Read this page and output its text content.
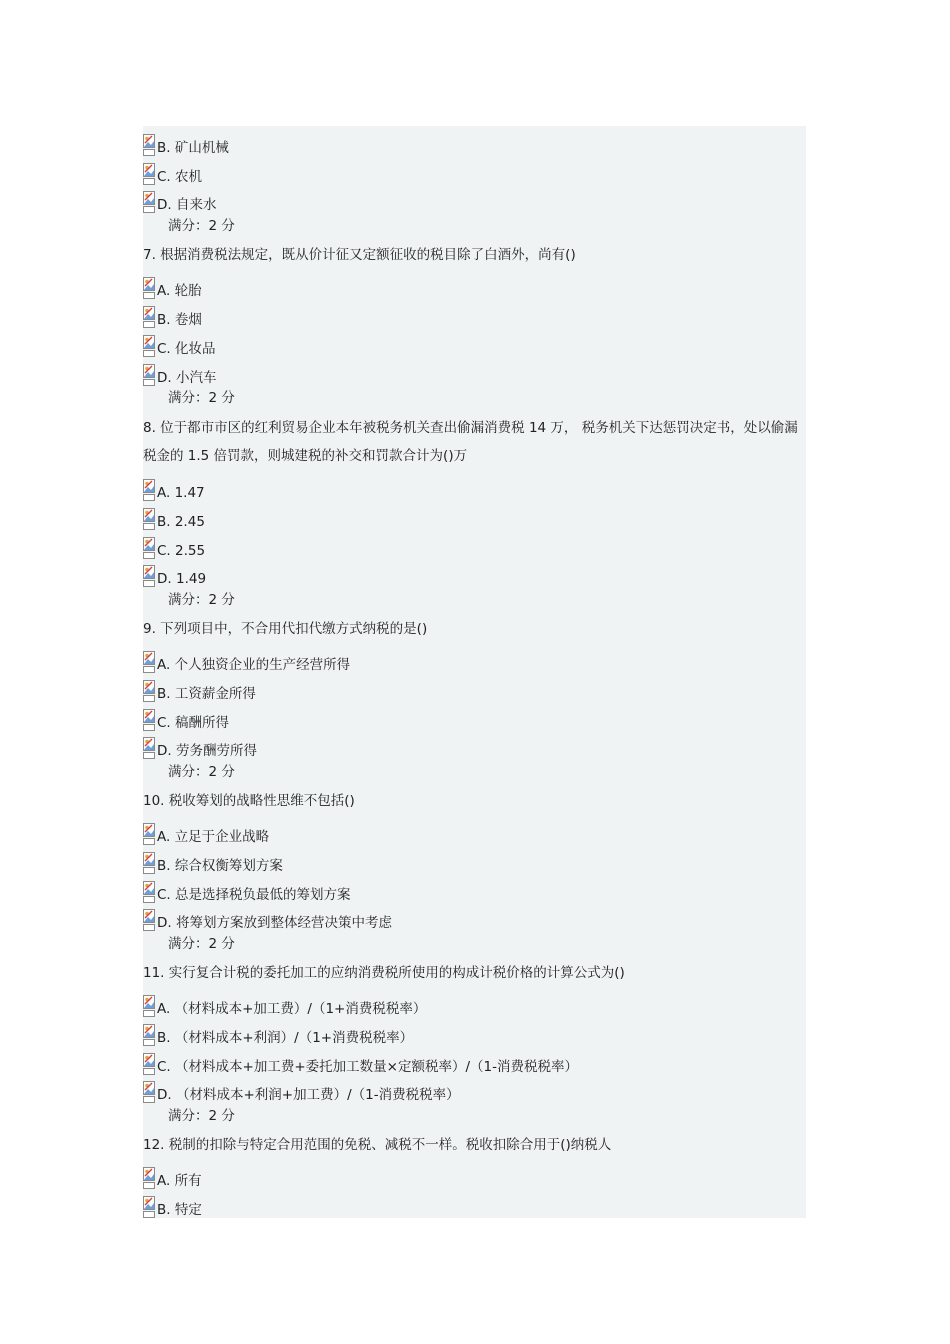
B. 矿山机械
C. 农机
D. 自来水
满分：2 分
7. 根据消费税法规定，既从价计征又定额征收的税目除了白酒外，尚有()
A. 轮胎
B. 卷烟
C. 化妆品
D. 小汽车
满分：2 分
8. 位于都市市区的红利贸易企业本年被税务机关查出偷漏消费税 14 万， 税务机关下达惩罚决定书，处以偷漏税金的 1.5 倍罚款，则城建税的补交和罚款合计为()万
A. 1.47
B. 2.45
C. 2.55
D. 1.49
满分：2 分
9. 下列项目中，不合用代扣代缴方式纳税的是()
A. 个人独资企业的生产经营所得
B. 工资薪金所得
C. 稿酬所得
D. 劳务酬劳所得
满分：2 分
10. 税收筹划的战略性思维不包括()
A. 立足于企业战略
B. 综合权衡筹划方案
C. 总是选择税负最低的筹划方案
D. 将筹划方案放到整体经营决策中考虑
满分：2 分
11. 实行复合计税的委托加工的应纳消费税所使用的构成计税价格的计算公式为()
A. （材料成本+加工费）/（1+消费税税率）
B. （材料成本+利润）/（1+消费税税率）
C. （材料成本+加工费+委托加工数量×定额税率）/（1-消费税税率）
D. （材料成本+利润+加工费）/（1-消费税税率）
满分：2 分
12. 税制的扣除与特定合用范围的免税、减税不一样。税收扣除合用于()纳税人
A. 所有
B. 特定
